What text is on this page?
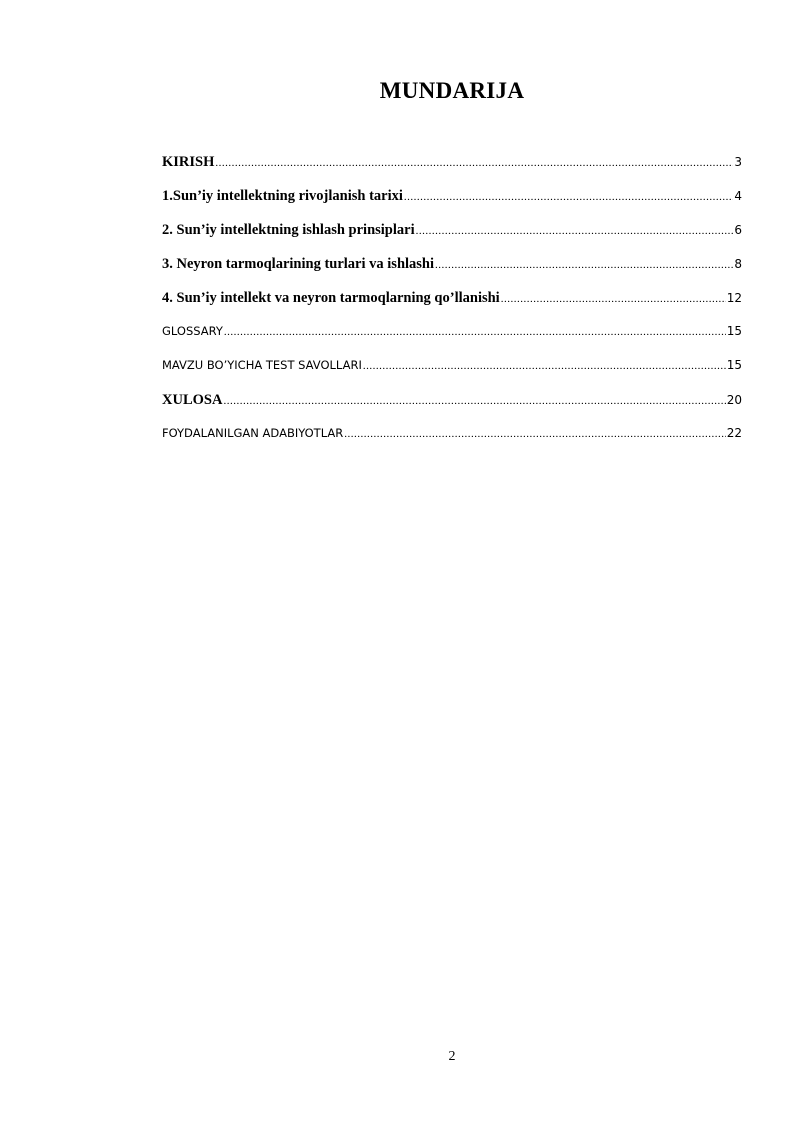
MUNDARIJA
KIRISH .....	3
1.Sun’iy intellektning rivojlanish tarixi .....	4
2. Sun’iy intellektning ishlash prinsiplari .....	6
3. Neyron tarmoqlarining turlari va ishlashi .....	8
4. Sun’iy intellekt va neyron tarmoqlarning qo’llanishi .....	12
GLOSSARY .....	15
MAVZU BO’YICHA TEST SAVOLLARI .....	15
XULOSA .....	20
FOYDALANILGAN ADABIYOTLAR .....	22
2
